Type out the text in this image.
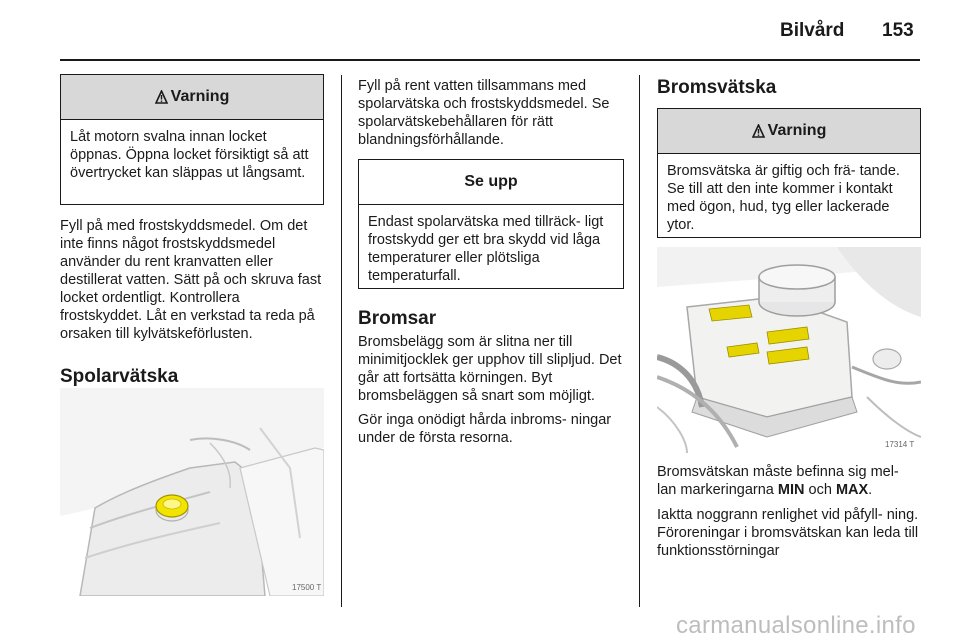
Bilvård 153
Varning
Låt motorn svalna innan locket öppnas. Öppna locket försiktigt så att övertrycket kan släppas ut långsamt.

Fyll på med frostskyddsmedel. Om det inte finns något frostskyddsmedel använder du rent kranvatten eller destillerat vatten. Sätt på och skruva fast locket ordentligt. Kontrollera frostskyddet. Låt en verkstad ta reda på orsaken till kylvätskeförlusten.

Spolarvätska
17500 T

Fyll på rent vatten tillsammans med spolarvätska och frostskyddsmedel. Se spolarvätskebehållaren för rätt blandningsförhållande.

Se upp
Endast spolarvätska med tillräck- ligt frostskydd ger ett bra skydd vid låga temperaturer eller plötsliga temperaturfall.
Bromsar

Bromsbelägg som är slitna ner till minimitjocklek ger upphov till slipljud. Det går att fortsätta körningen. Byt bromsbeläggen så snart som möjligt.

Gör inga onödigt hårda inbroms- ningar under de första resorna.

Bromsvätska
Varning
Bromsvätska är giftig och frä- tande. Se till att den inte kommer i kontakt med ögon, hud, tyg eller lackerade ytor.
17314 T

Bromsvätskan måste befinna sig mel- lan markeringarna MIN och MAX.

Iaktta noggrann renlighet vid påfyll- ning. Föroreningar i bromsvätskan kan leda till funktionsstörningar

carmanualsonline.info
